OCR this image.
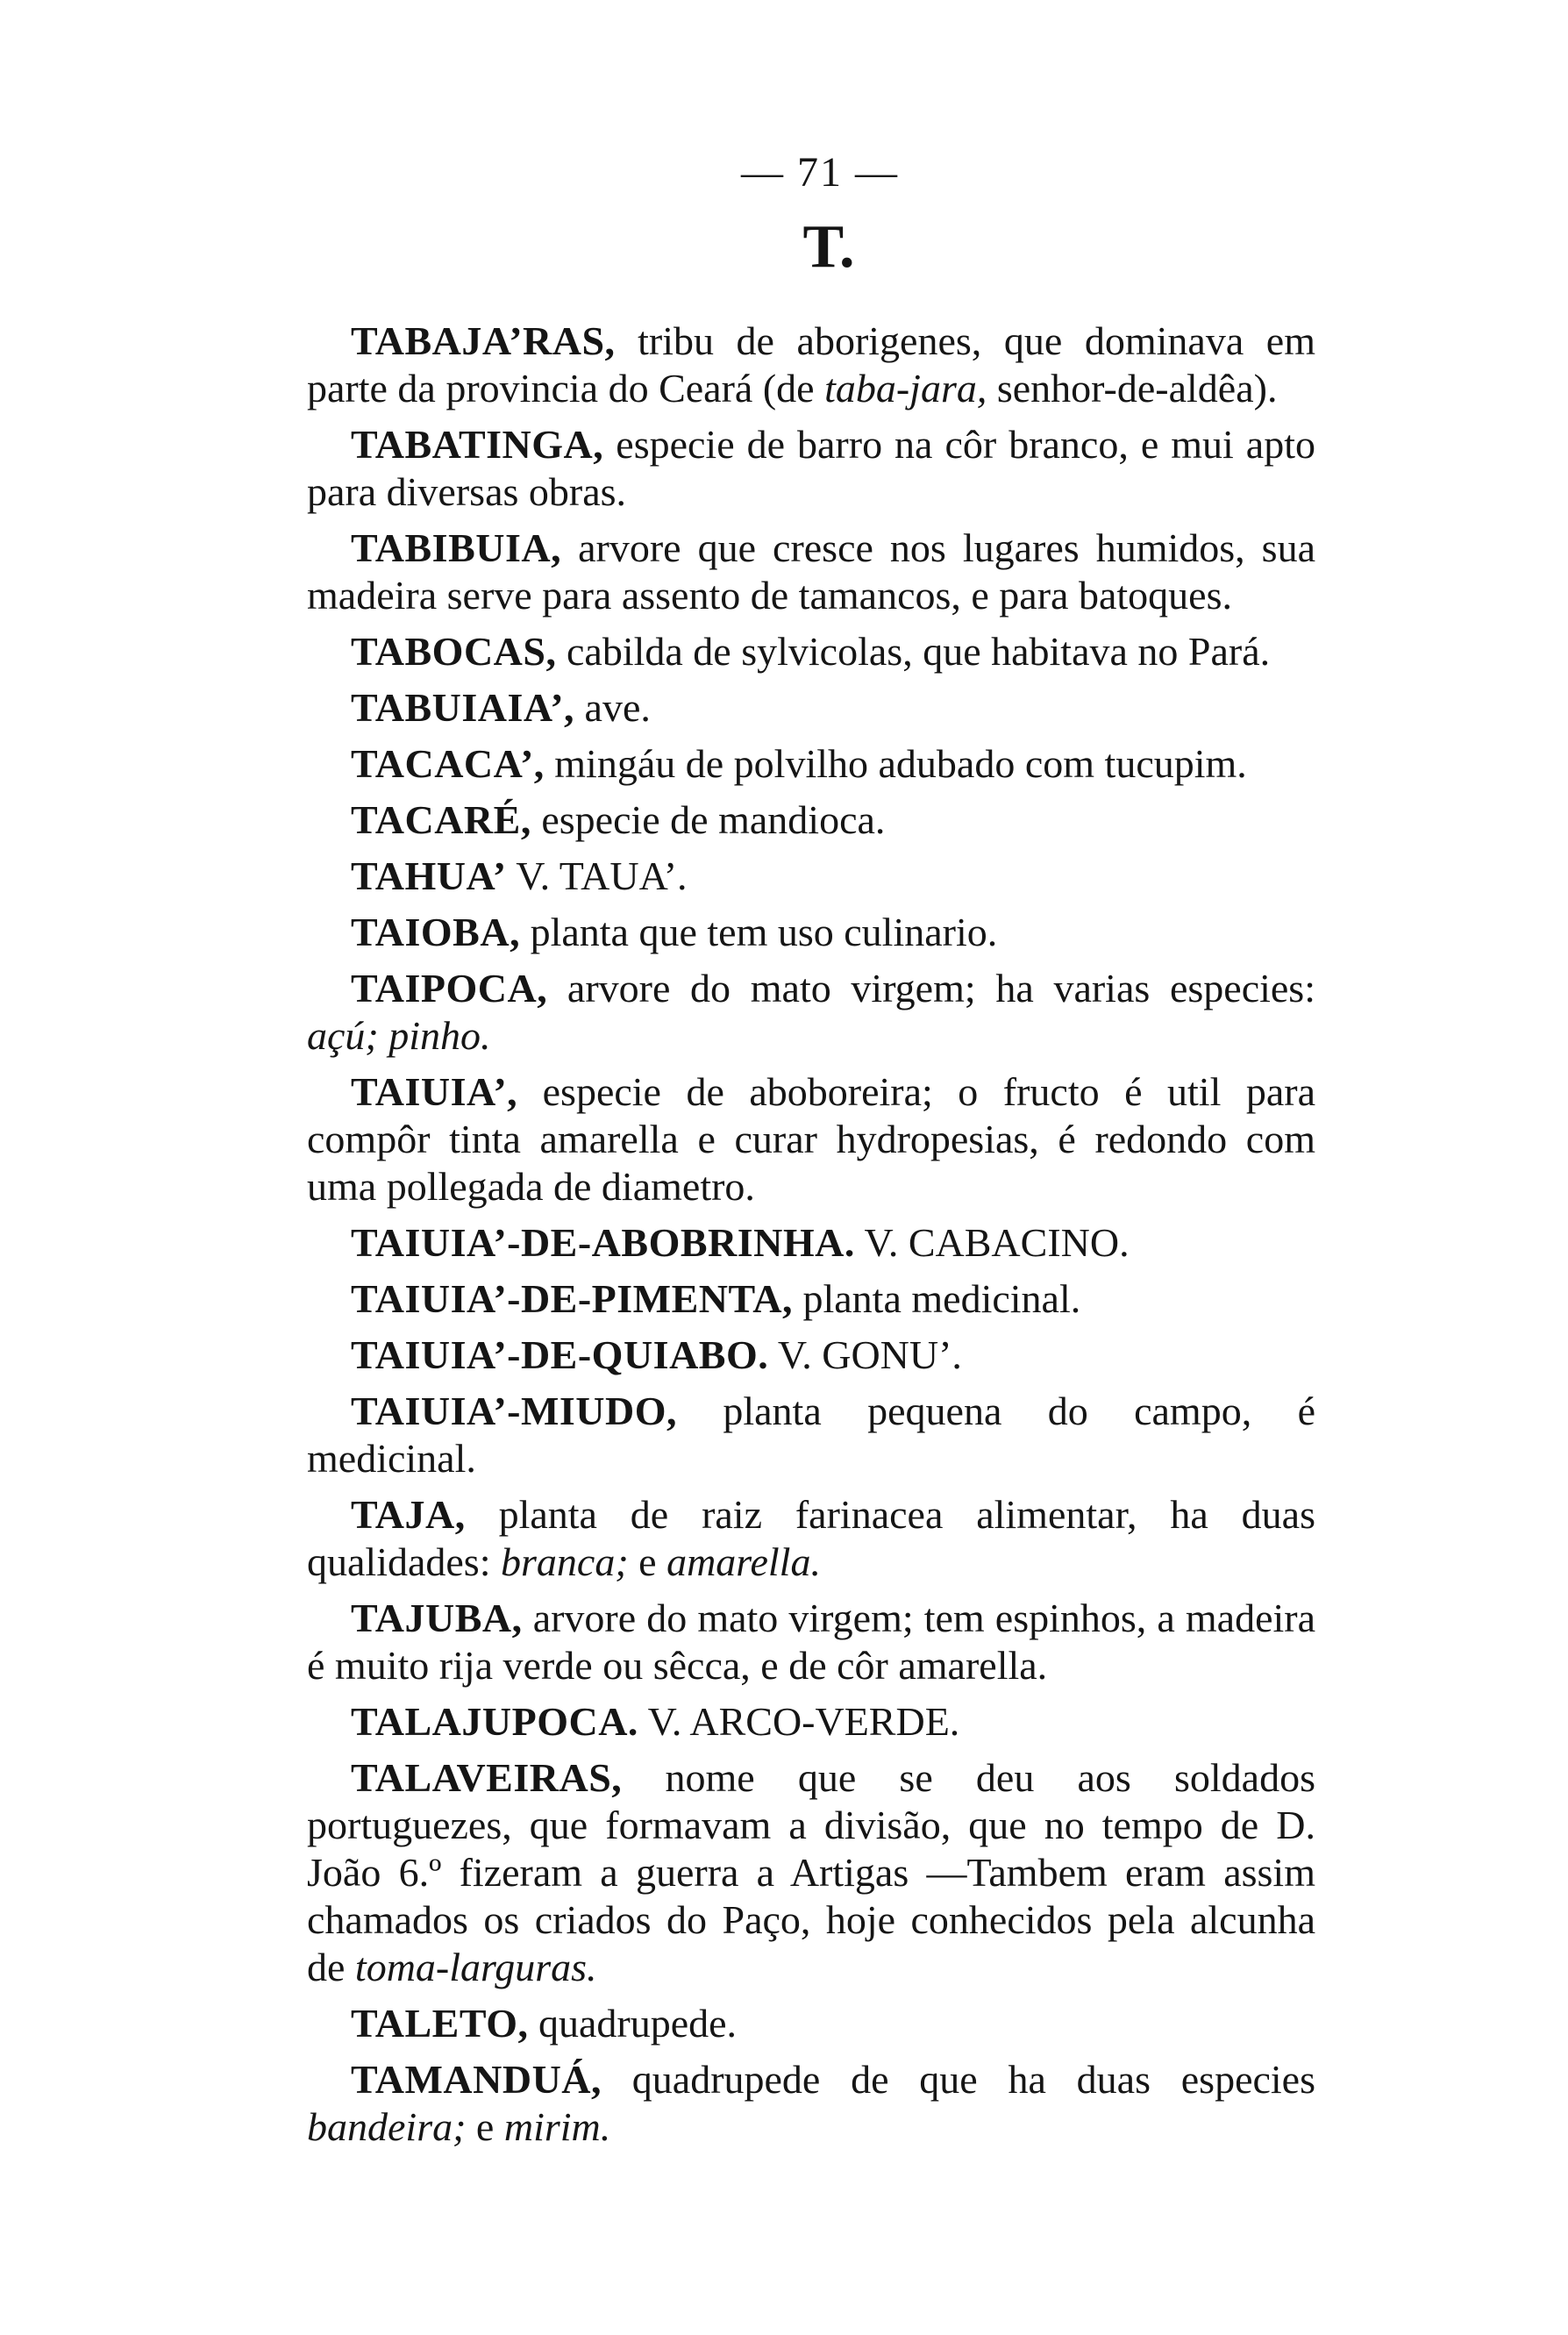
— 71 —
T.

TABAJA’RAS, tribu de aborigenes, que dominava em parte da provincia do Ceará (de taba-jara, senhor-de-aldêa).

TABATINGA, especie de barro na côr branco, e mui apto para diversas obras.

TABIBUIA, arvore que cresce nos lugares humidos, sua madeira serve para assento de tamancos, e para batoques.

TABOCAS, cabilda de sylvicolas, que habitava no Pará.

TABUIAIA’, ave.

TACACA’, mingáu de polvilho adubado com tucupim.

TACARÉ, especie de mandioca.

TAHUA’ V. TAUA’.

TAIOBA, planta que tem uso culinario.

TAIPOCA, arvore do mato virgem; ha varias especies: açú; pinho.

TAIUIA’, especie de aboboreira; o fructo é util para compôr tinta amarella e curar hydropesias, é redondo com uma pollegada de diametro.

TAIUIA’-DE-ABOBRINHA. V. CABACINO.

TAIUIA’-DE-PIMENTA, planta medicinal.

TAIUIA’-DE-QUIABO. V. GONU’.

TAIUIA’-MIUDO, planta pequena do campo, é medicinal.

TAJA, planta de raiz farinacea alimentar, ha duas qualidades: branca; e amarella.

TAJUBA, arvore do mato virgem; tem espinhos, a madeira é muito rija verde ou sêcca, e de côr amarella.

TALAJUPOCA. V. ARCO-VERDE.

TALAVEIRAS, nome que se deu aos soldados portuguezes, que formavam a divisão, que no tempo de D. João 6.º fizeram a guerra a Artigas —Tambem eram assim chamados os criados do Paço, hoje conhecidos pela alcunha de toma-larguras.

TALETO, quadrupede.

TAMANDUÁ, quadrupede de que ha duas especies bandeira; e mirim.
